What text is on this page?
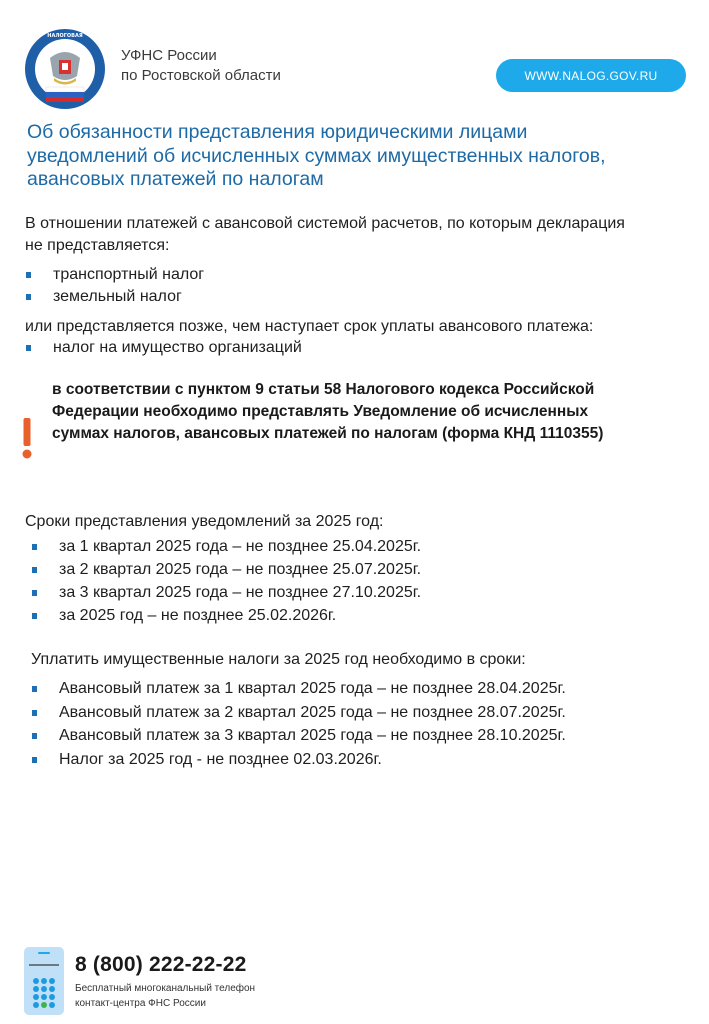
НАЛОГОВАЯ
УФНС России
по Ростовской области	WWW.NALOG.GOV.RU
Об обязанности представления юридическими лицами
уведомлений об исчисленных суммах имущественных налогов,
авансовых платежей по налогам
В отношении платежей с авансовой системой расчетов, по которым декларация
не представляется:
транспортный налог
земельный налог
или представляется позже, чем наступает срок уплаты авансового платежа:
налог на имущество организаций
в соответствии с пунктом 9 статьи 58 Налогового кодекса Российской
Федерации необходимо представлять Уведомление об исчисленных
суммах налогов, авансовых платежей по налогам (форма КНД 1110355)
Сроки представления уведомлений за 2025 год:
за 1 квартал 2025 года – не позднее 25.04.2025г.
за 2 квартал 2025 года – не позднее 25.07.2025г.
за 3 квартал 2025 года – не позднее 27.10.2025г.
за 2025 год – не позднее 25.02.2026г.
Уплатить имущественные налоги за 2025 год необходимо в сроки:
Авансовый платеж за 1 квартал 2025 года – не позднее 28.04.2025г.
Авансовый платеж за 2 квартал 2025 года – не позднее 28.07.2025г.
Авансовый платеж за 3 квартал 2025 года – не позднее 28.10.2025г.
Налог за 2025 год - не позднее 02.03.2026г.
8 (800) 222-22-22
Бесплатный многоканальный телефон
контакт-центра ФНС России
